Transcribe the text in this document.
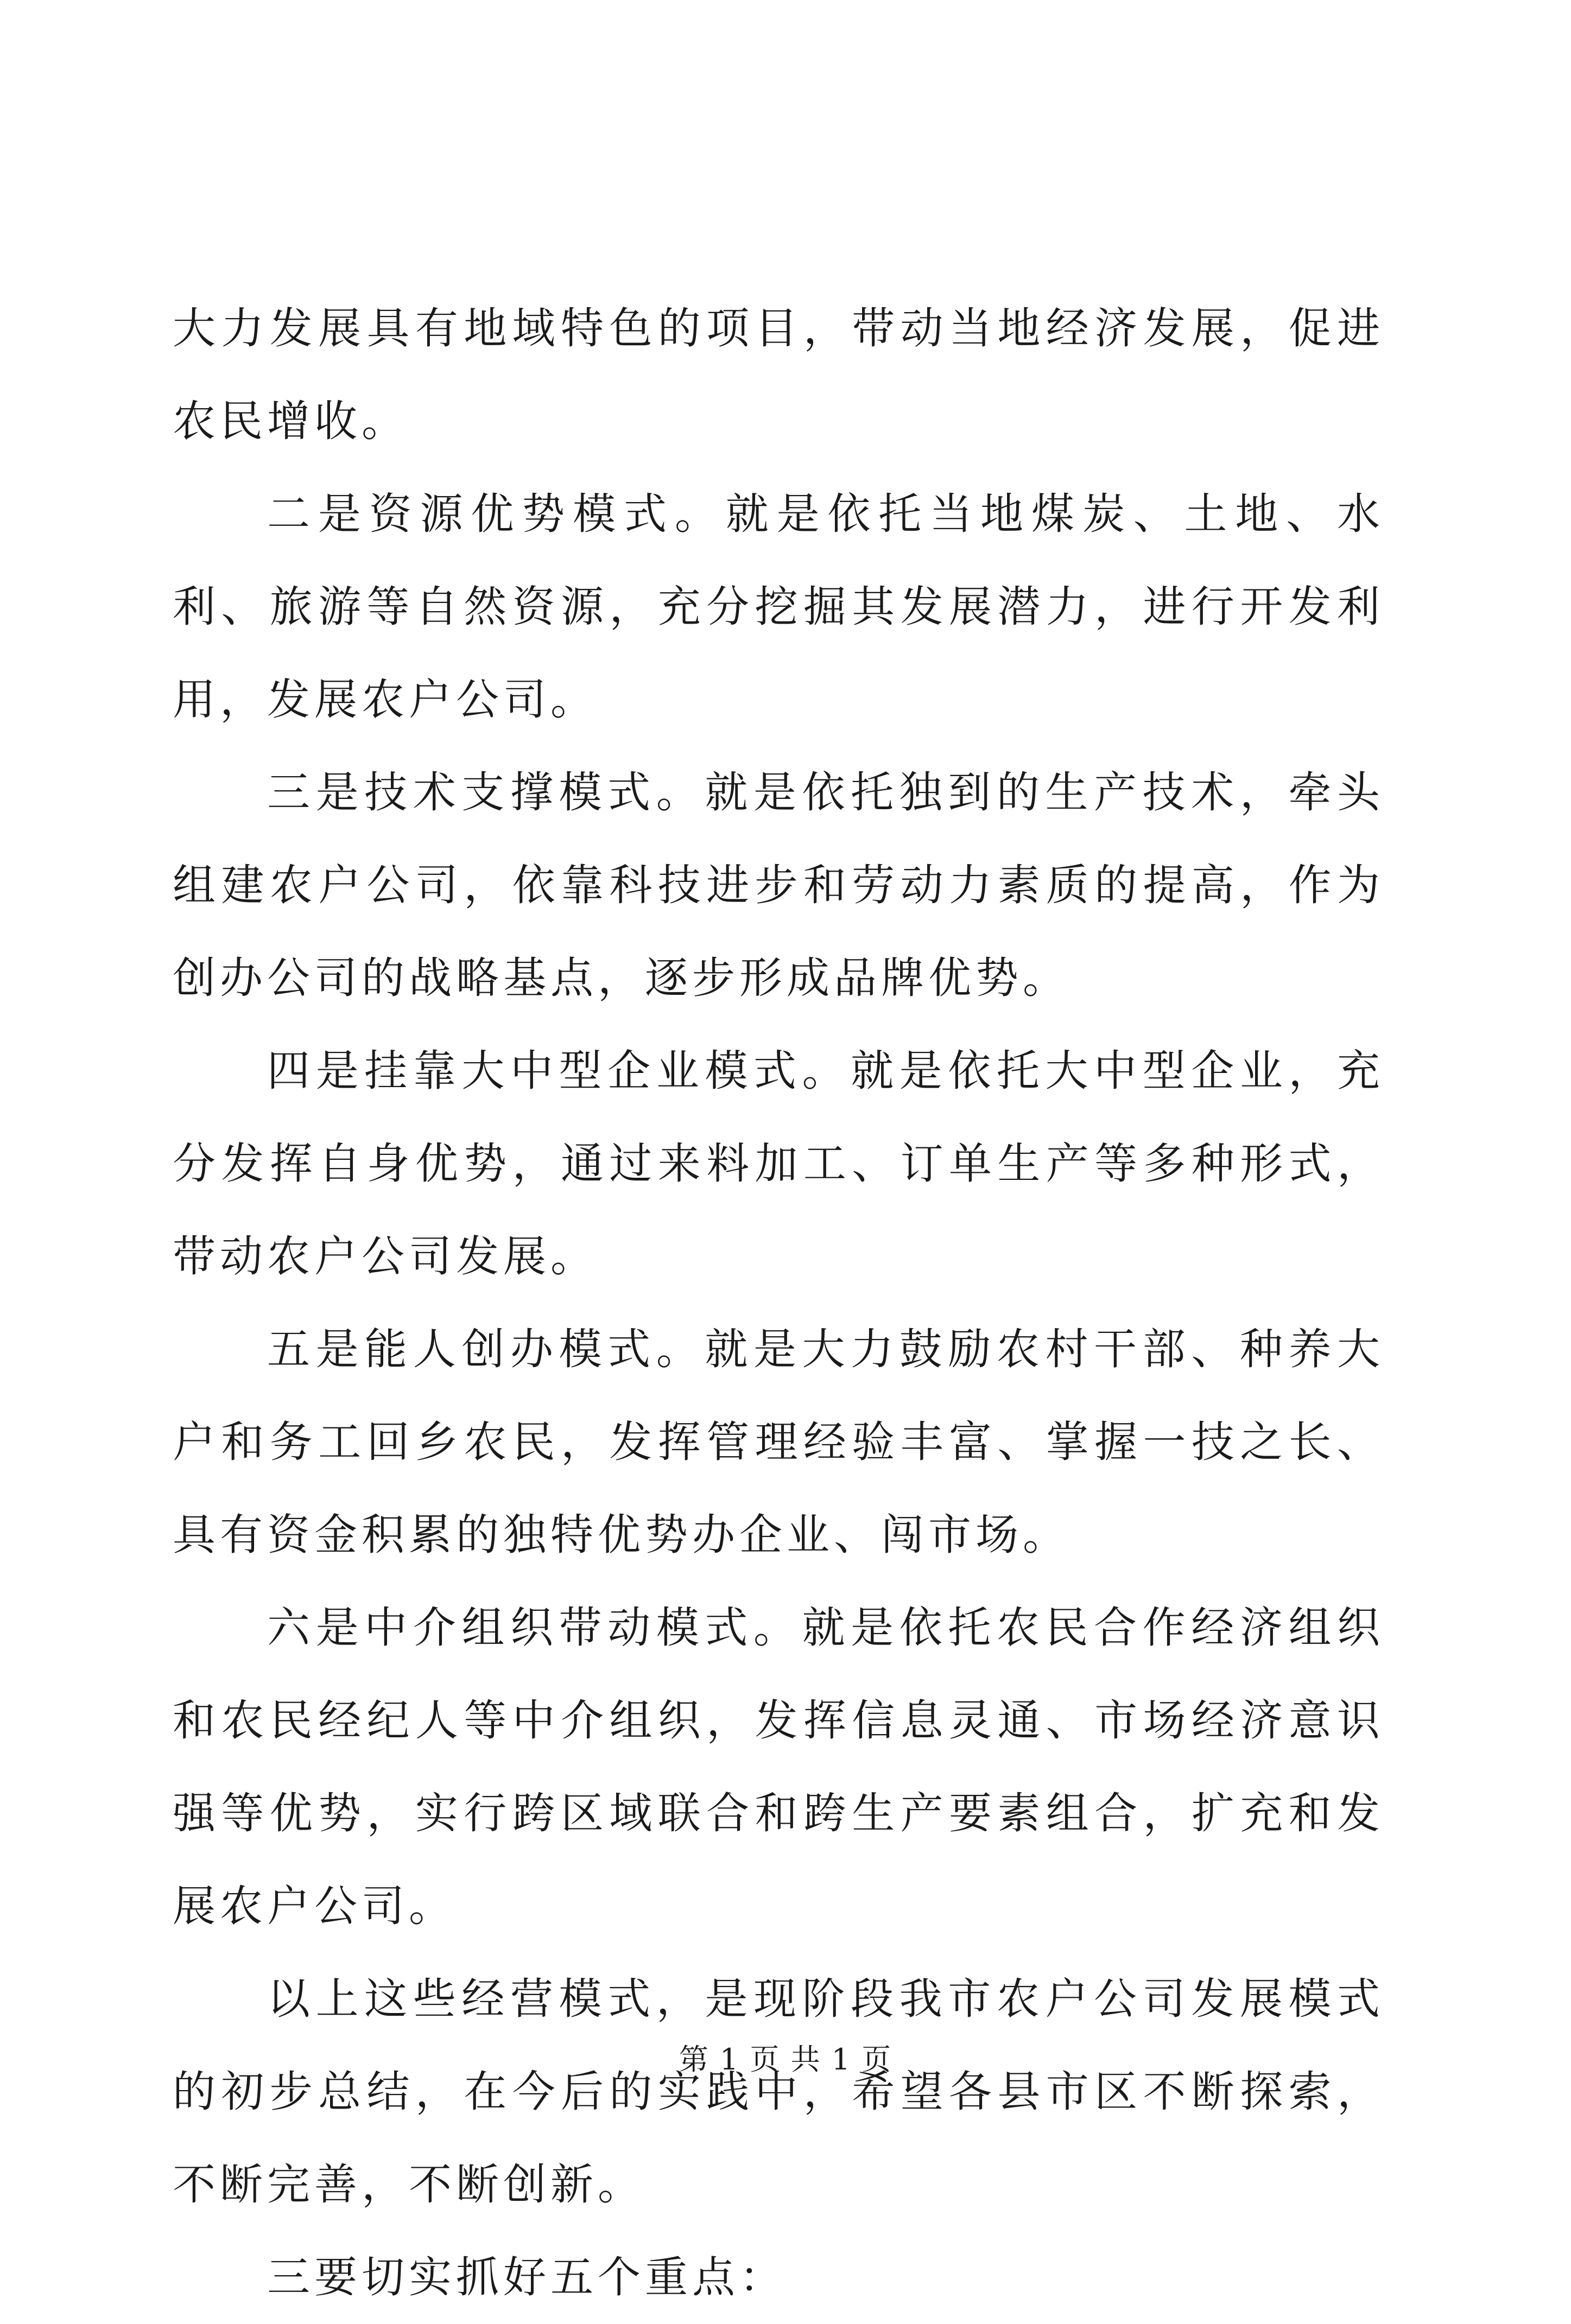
大力发展具有地域特色的项目，带动当地经济发展，促进农民增收。

二是资源优势模式。就是依托当地煤炭、土地、水利、旅游等自然资源，充分挖掘其发展潜力，进行开发利用，发展农户公司。

三是技术支撑模式。就是依托独到的生产技术，牵头组建农户公司，依靠科技进步和劳动力素质的提高，作为创办公司的战略基点，逐步形成品牌优势。

四是挂靠大中型企业模式。就是依托大中型企业，充分发挥自身优势，通过来料加工、订单生产等多种形式，带动农户公司发展。

五是能人创办模式。就是大力鼓励农村干部、种养大户和务工回乡农民，发挥管理经验丰富、掌握一技之长、具有资金积累的独特优势办企业、闯市场。

六是中介组织带动模式。就是依托农民合作经济组织和农民经纪人等中介组织，发挥信息灵通、市场经济意识强等优势，实行跨区域联合和跨生产要素组合，扩充和发展农户公司。

以上这些经营模式，是现阶段我市农户公司发展模式的初步总结，在今后的实践中，希望各县市区不断探索，不断完善，不断创新。

三要切实抓好五个重点：

第 1 页 共 1 页
